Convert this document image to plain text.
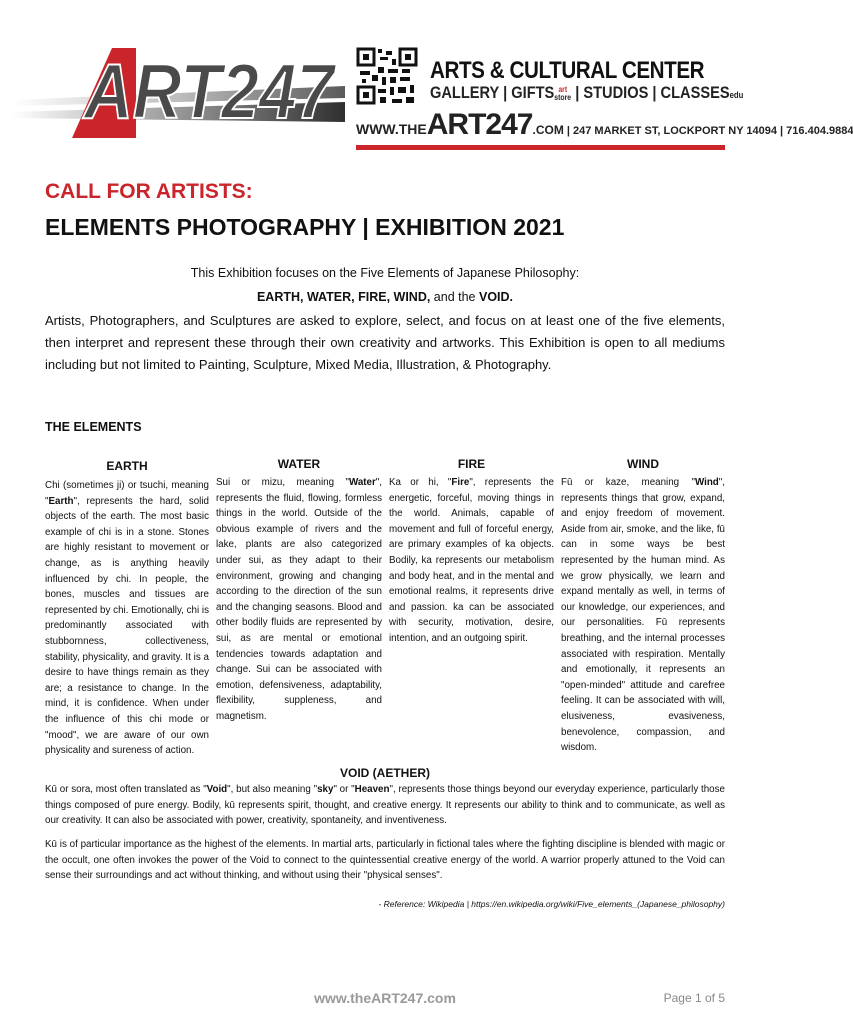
ART247	ARTS & CULTURAL CENTER
GALLERY | GIFTS art
store | STUDIOS | CLASSESedu
WWW.THEART247.COM | 247 MARKET ST, LOCKPORT NY 14094 | 716.404.9884
CALL FOR ARTISTS:
ELEMENTS PHOTOGRAPHY | EXHIBITION 2021
This Exhibition focuses on the Five Elements of Japanese Philosophy:
EARTH, WATER, FIRE, WIND, and the VOID.
Artists, Photographers, and Sculptures are asked to explore, select, and focus on at least one of the five elements, then interpret and represent these through their own creativity and artworks. This Exhibition is open to all mediums including but not limited to Painting, Sculpture, Mixed Media, Illustration, & Photography.
THE ELEMENTS
EARTH
Chi (sometimes ji) or tsuchi, meaning "Earth", represents the hard, solid objects of the earth. The most basic example of chi is in a stone. Stones are highly resistant to movement or change, as is anything heavily influenced by chi. In people, the bones, muscles and tissues are represented by chi. Emotionally, chi is predominantly associated with stubbornness, collectiveness, stability, physicality, and gravity. It is a desire to have things remain as they are; a resistance to change. In the mind, it is confidence. When under the influence of this chi mode or "mood", we are aware of our own physicality and sureness of action.
WATER
Sui or mizu, meaning "Water", represents the fluid, flowing, formless things in the world. Outside of the obvious example of rivers and the lake, plants are also categorized under sui, as they adapt to their environment, growing and changing according to the direction of the sun and the changing seasons. Blood and other bodily fluids are represented by sui, as are mental or emotional tendencies towards adaptation and change. Sui can be associated with emotion, defensiveness, adaptability, flexibility, suppleness, and magnetism.
FIRE
Ka or hi, "Fire", represents the energetic, forceful, moving things in the world. Animals, capable of movement and full of forceful energy, are primary examples of ka objects. Bodily, ka represents our metabolism and body heat, and in the mental and emotional realms, it represents drive and passion. ka can be associated with security, motivation, desire, intention, and an outgoing spirit.
WIND
Fū or kaze, meaning "Wind", represents things that grow, expand, and enjoy freedom of movement. Aside from air, smoke, and the like, fū can in some ways be best represented by the human mind. As we grow physically, we learn and expand mentally as well, in terms of our knowledge, our experiences, and our personalities. Fū represents breathing, and the internal processes associated with respiration. Mentally and emotionally, it represents an "open-minded" attitude and carefree feeling. It can be associated with will, elusiveness, evasiveness, benevolence, compassion, and wisdom.
VOID (AETHER)
Kū or sora, most often translated as "Void", but also meaning "sky" or "Heaven", represents those things beyond our everyday experience, particularly those things composed of pure energy. Bodily, kū represents spirit, thought, and creative energy. It represents our ability to think and to communicate, as well as our creativity. It can also be associated with power, creativity, spontaneity, and inventiveness.
Kū is of particular importance as the highest of the elements. In martial arts, particularly in fictional tales where the fighting discipline is blended with magic or the occult, one often invokes the power of the Void to connect to the quintessential creative energy of the world. A warrior properly attuned to the Void can sense their surroundings and act without thinking, and without using their "physical senses".
- Reference: Wikipedia | https://en.wikipedia.org/wiki/Five_elements_(Japanese_philosophy)
www.theART247.com	Page 1 of 5
